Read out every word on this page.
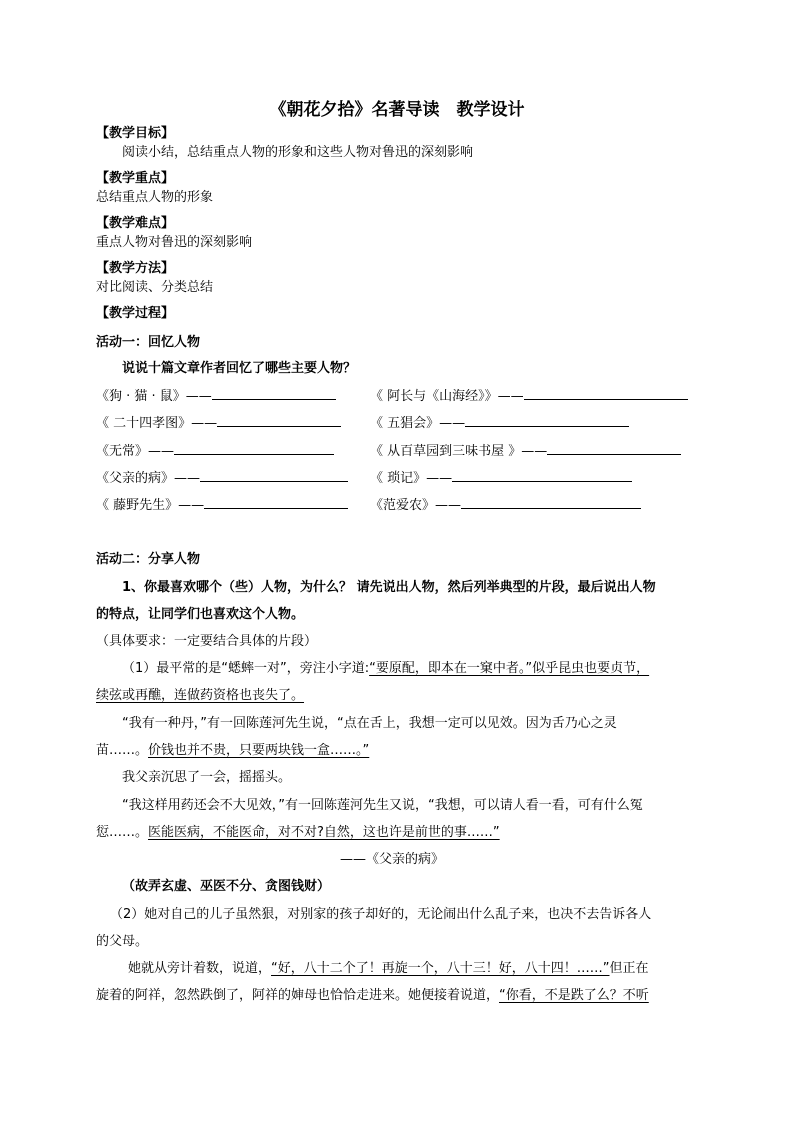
《朝花夕拾》名著导读　教学设计
【教学目标】
阅读小结，总结重点人物的形象和这些人物对鲁迅的深刻影响
【教学重点】
总结重点人物的形象
【教学难点】
重点人物对鲁迅的深刻影响
【教学方法】
对比阅读、分类总结
【教学过程】
活动一：回忆人物
说说十篇文章作者回忆了哪些主要人物？
《狗 · 猫 · 鼠》——	《 阿长与《山海经》》——
《 二十四孝图》——	《 五猖会》——
《无常》——	《 从百草园到三味书屋 》——
《父亲的病》——	《 琐记》——
《 藤野先生》——	《范爱农》——
活动二：分享人物
1、你最喜欢哪个（些）人物，为什么？ 请先说出人物，然后列举典型的片段，最后说出人物
的特点，让同学们也喜欢这个人物。
（具体要求：一定要结合具体的片段）
（1）最平常的是“蟋蟀一对”，旁注小字道:“要原配，即本在一窠中者。”似乎昆虫也要贞节，
续弦或再醮，连做药资格也丧失了。
“我有一种丹，”有一回陈莲河先生说，“点在舌上，我想一定可以见效。因为舌乃心之灵
苗……。价钱也并不贵，只要两块钱一盒……。”
我父亲沉思了一会，摇摇头。
“我这样用药还会不大见效，”有一回陈莲河先生又说，“我想，可以请人看一看，可有什么冤
愆……。医能医病，不能医命，对不对?自然，这也许是前世的事……”
——《父亲的病》
（故弄玄虚、巫医不分、贪图钱财）
（2）她对自己的儿子虽然狠，对别家的孩子却好的，无论闹出什么乱子来，也决不去告诉各人
的父母。
她就从旁计着数，说道，“好，八十二个了！再旋一个，八十三！好，八十四！……”但正在
旋着的阿祥，忽然跌倒了，阿祥的婶母也恰恰走进来。她便接着说道，“你看，不是跌了么？不听
